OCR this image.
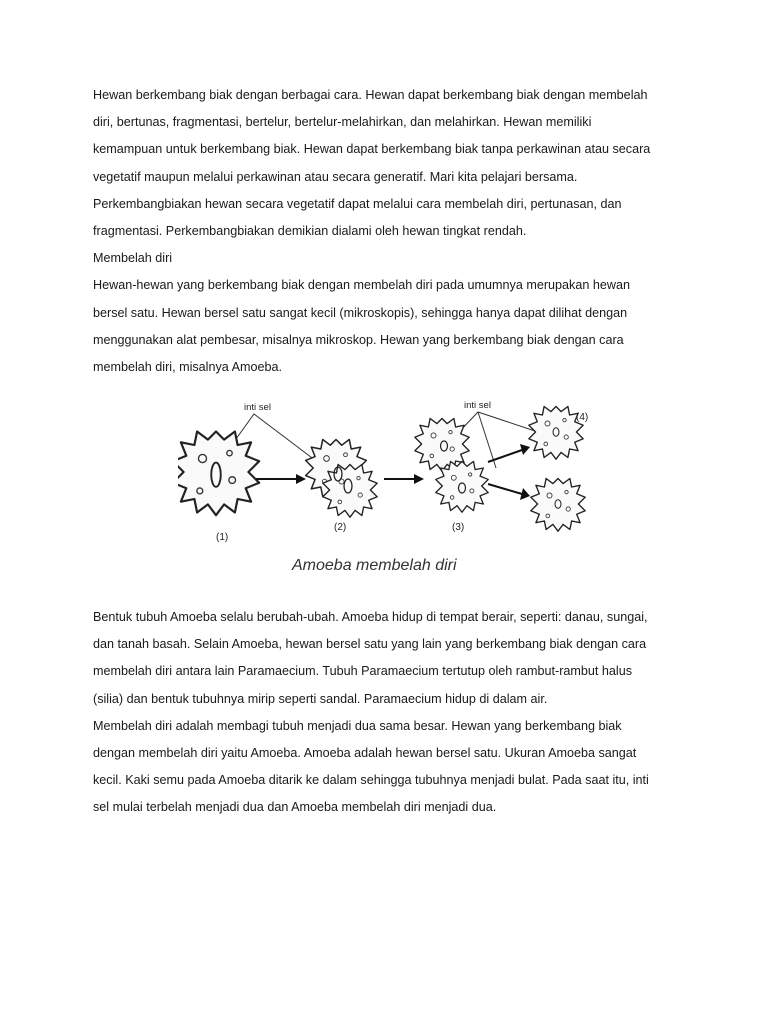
Hewan berkembang biak dengan berbagai cara. Hewan dapat berkembang biak dengan membelah
diri, bertunas, fragmentasi, bertelur, bertelur-melahirkan, dan melahirkan. Hewan memiliki
kemampuan untuk berkembang biak. Hewan dapat berkembang biak tanpa perkawinan atau secara
vegetatif maupun melalui perkawinan atau secara generatif. Mari kita pelajari bersama.
Perkembangbiakan hewan secara vegetatif dapat melalui cara membelah diri, pertunasan, dan
fragmentasi. Perkembangbiakan demikian dialami oleh hewan tingkat rendah.

Membelah diri

Hewan-hewan yang berkembang biak dengan membelah diri pada umumnya merupakan hewan
bersel satu. Hewan bersel satu sangat kecil (mikroskopis), sehingga hanya dapat dilihat dengan
menggunakan alat pembesar, misalnya mikroskop. Hewan yang berkembang biak dengan cara
membelah diri, misalnya Amoeba.

inti sel	inti sel
(1)
(2)	(3)
(4)
Amoeba membelah diri

Bentuk tubuh Amoeba selalu berubah-ubah. Amoeba hidup di tempat berair, seperti: danau, sungai,
dan tanah basah. Selain Amoeba, hewan bersel satu yang lain yang berkembang biak dengan cara
membelah diri antara lain Paramaecium. Tubuh Paramaecium tertutup oleh rambut-rambut halus
(silia) dan bentuk tubuhnya mirip seperti sandal. Paramaecium hidup di dalam air.

Membelah diri adalah membagi tubuh menjadi dua sama besar. Hewan yang berkembang biak
dengan membelah diri yaitu Amoeba. Amoeba adalah hewan bersel satu. Ukuran Amoeba sangat
kecil. Kaki semu pada Amoeba ditarik ke dalam sehingga tubuhnya menjadi bulat. Pada saat itu, inti
sel mulai terbelah menjadi dua dan Amoeba membelah diri menjadi dua.
